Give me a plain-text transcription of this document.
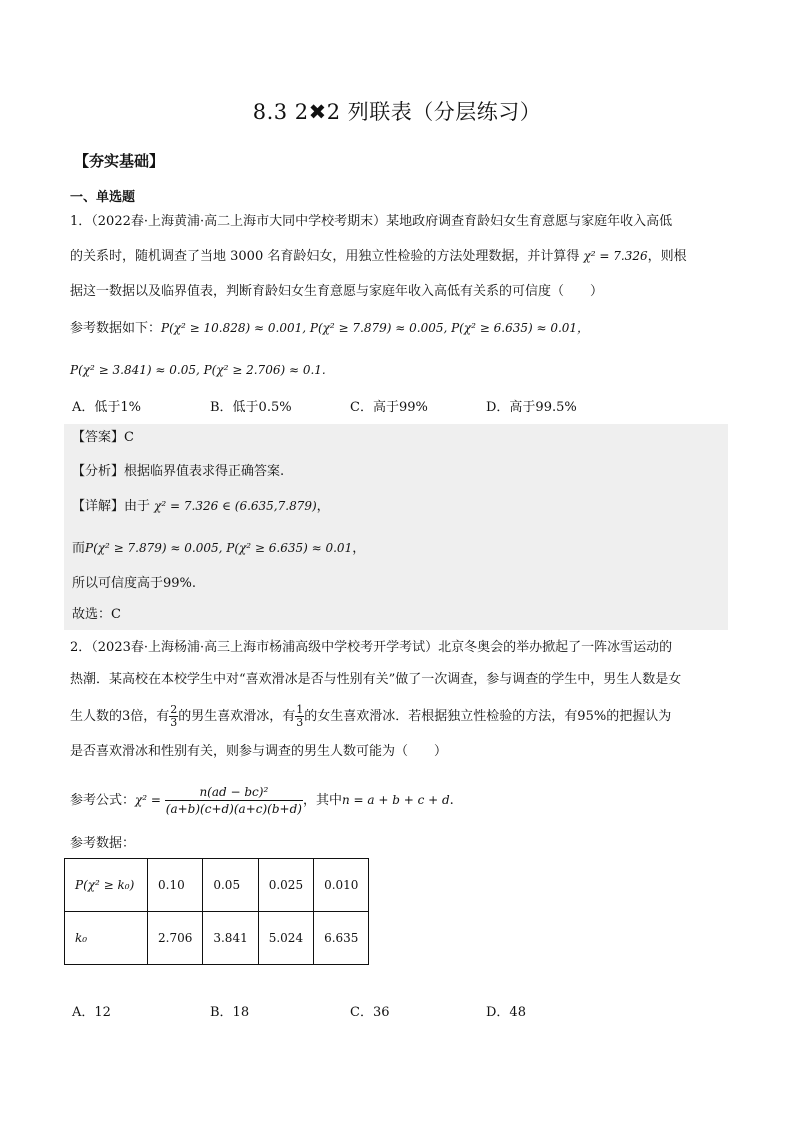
8.3 2✖2 列联表（分层练习）
【夯实基础】
一、单选题
1．（2022春·上海黄浦·高二上海市大同中学校考期末）某地政府调查育龄妇女生育意愿与家庭年收入高低
的关系时，随机调查了当地 3000 名育龄妇女，用独立性检验的方法处理数据，并计算得 χ² = 7.326，则根
据这一数据以及临界值表，判断育龄妇女生育意愿与家庭年收入高低有关系的可信度（　　）
参考数据如下：P(χ² ≥ 10.828) ≈ 0.001, P(χ² ≥ 7.879) ≈ 0.005, P(χ² ≥ 6.635) ≈ 0.01，
P(χ² ≥ 3.841) ≈ 0.05, P(χ² ≥ 2.706) ≈ 0.1.
A．低于1%	B．低于0.5%	C．高于99%	D．高于99.5%
【答案】C
【分析】根据临界值表求得正确答案.
【详解】由于 χ² = 7.326 ∈ (6.635,7.879)，
而P(χ² ≥ 7.879) ≈ 0.005, P(χ² ≥ 6.635) ≈ 0.01，
所以可信度高于99%.
故选：C
2．（2023春·上海杨浦·高三上海市杨浦高级中学校考开学考试）北京冬奥会的举办掀起了一阵冰雪运动的
热潮．某高校在本校学生中对“喜欢滑冰是否与性别有关”做了一次调查，参与调查的学生中，男生人数是女
生人数的3倍，有 $\frac{2}{3}$ 的男生喜欢滑冰，有 $\frac{1}{3}$ 的女生喜欢滑冰．若根据独立性检验的方法，有95%的把握认为
是否喜欢滑冰和性别有关，则参与调查的男生人数可能为（　　）
参考公式：$\chi^2 = \frac{\text{n(ad − bc)²}}{(a+b)(c+d)(a+c)(b+d)}$ ，其中n = a + b + c + d.
参考数据：
P(χ² ≥ k₀)	0.10	0.05	0.025	0.010
k₀	2.706	3.841	5.024	6.635
A．12	B．18	C．36	D．48
